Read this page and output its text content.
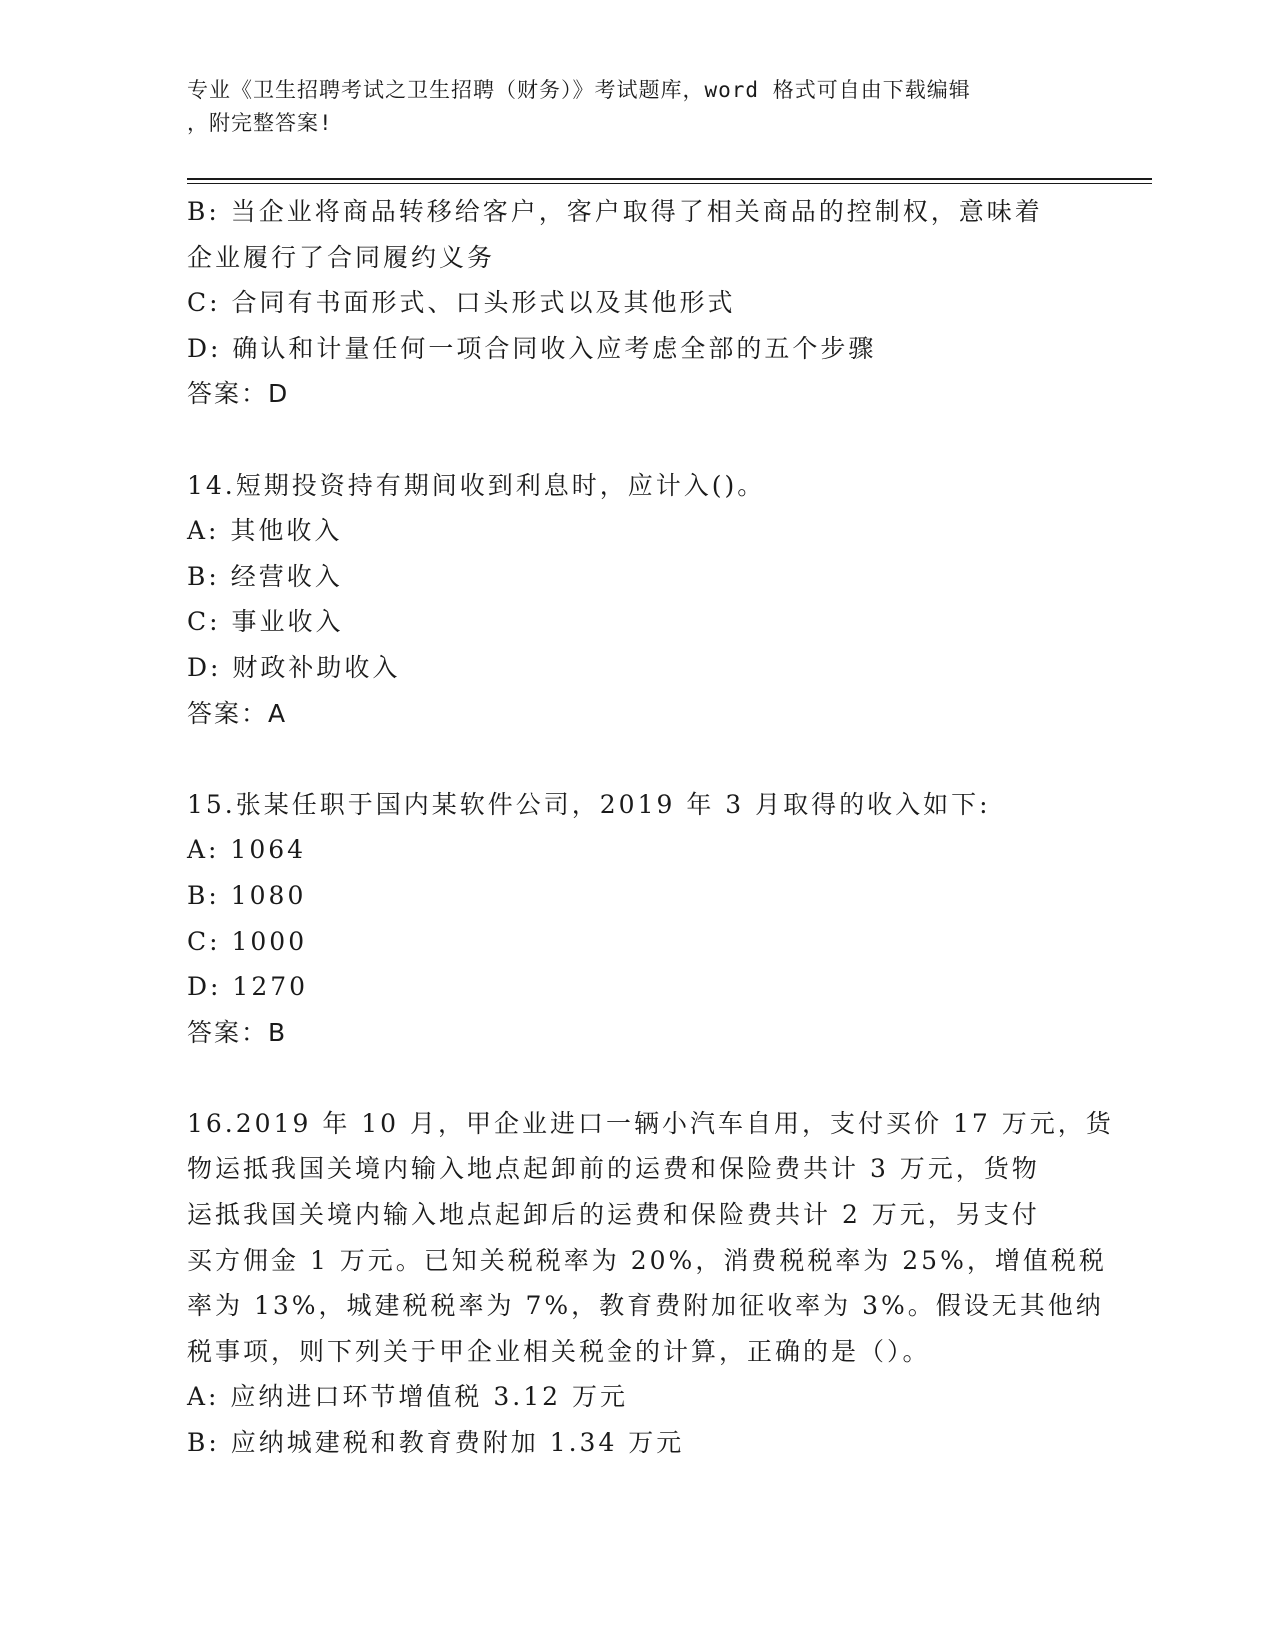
专业《卫生招聘考试之卫生招聘（财务）》考试题库，word 格式可自由下载编辑
，附完整答案!
B: 当企业将商品转移给客户，客户取得了相关商品的控制权，意味着
企业履行了合同履约义务
C: 合同有书面形式、口头形式以及其他形式
D: 确认和计量任何一项合同收入应考虑全部的五个步骤
答案：D
14.短期投资持有期间收到利息时，应计入()。
A: 其他收入
B: 经营收入
C: 事业收入
D: 财政补助收入
答案：A
15.张某任职于国内某软件公司，2019 年 3 月取得的收入如下:
A: 1064
B: 1080
C: 1000
D: 1270
答案：B
16.2019 年 10 月，甲企业进口一辆小汽车自用，支付买价 17 万元，货
物运抵我国关境内输入地点起卸前的运费和保险费共计 3 万元，货物
运抵我国关境内输入地点起卸后的运费和保险费共计 2 万元，另支付
买方佣金 1 万元。已知关税税率为 20%，消费税税率为 25%，增值税税
率为 13%，城建税税率为 7%，教育费附加征收率为 3%。假设无其他纳
税事项，则下列关于甲企业相关税金的计算，正确的是（）。
A: 应纳进口环节增值税 3.12 万元
B: 应纳城建税和教育费附加 1.34 万元
